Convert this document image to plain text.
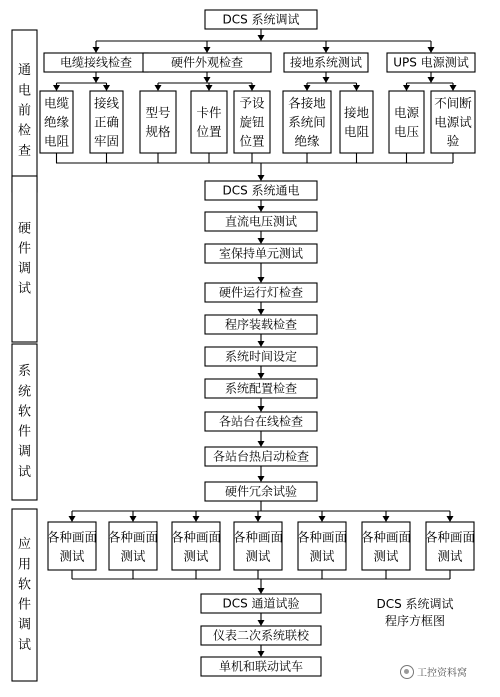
通
电
前
检
查
硬
件
调
试
系
统
软
件
调
试
应
用
软
件
调
试
DCS 系统调试
电缆接线检查
电缆
绝缘
电阻
接线
正确
牢固
硬件外观检查
型号
规格
卡件
位置
予设
旋钮
位置
接地系统测试
各接地
系统间
绝缘
接地
电阻
UPS 电源测试
电源
电压
不间断
电源试
验
DCS 系统通电
直流电压测试
室保持单元测试
硬件运行灯检查
程序装载检查
系统时间设定
系统配置检查
各站台在线检查
各站台热启动检查
硬件冗余试验
各种画面
测试
各种画面
测试
各种画面
测试
各种画面
测试
各种画面
测试
各种画面
测试
各种画面
测试
DCS 通道试验
仪表二次系统联校
单机和联动试车
DCS 系统调试
程序方框图
工控资料窝
